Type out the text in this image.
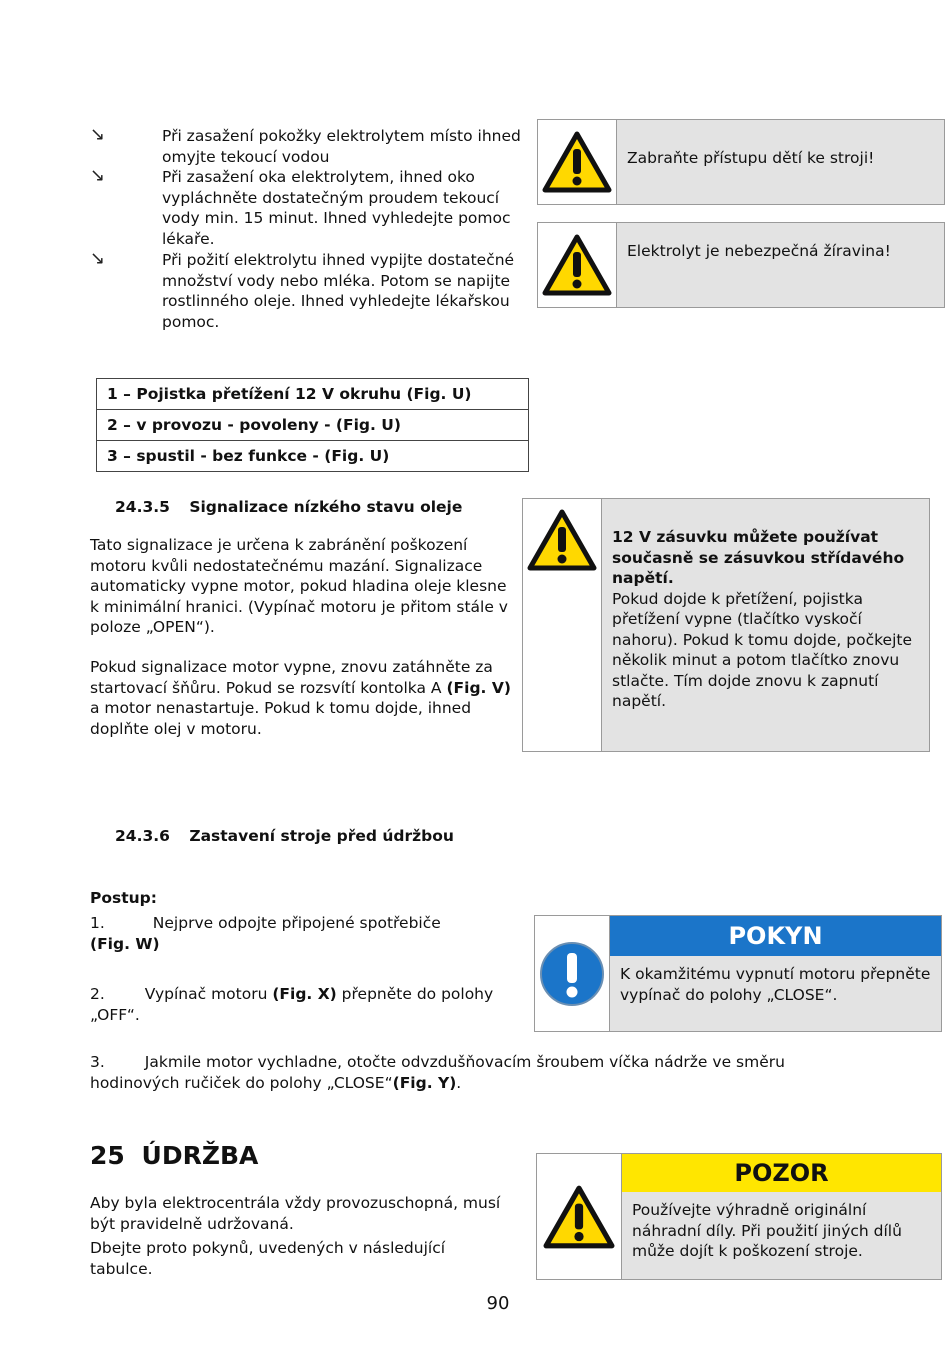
↘	Při zasažení pokožky elektrolytem místo ihned omyjte tekoucí vodou
↘	Při zasažení oka elektrolytem, ihned oko vypláchněte dostatečným proudem tekoucí vody min. 15 minut. Ihned vyhledejte pomoc lékaře.
↘	Při požití elektrolytu ihned vypijte dostatečné množství vody nebo mléka. Potom se napijte rostlinného oleje. Ihned vyhledejte lékařskou pomoc.
Zabraňte přístupu dětí ke stroji!
Elektrolyt je nebezpečná žíravina!
1 – Pojistka přetížení 12 V okruhu (Fig. U)
2 – v provozu - povoleny - (Fig. U)
3 – spustil - bez funkce - (Fig. U)
24.3.5 Signalizace nízkého stavu oleje
Tato signalizace je určena k zabránění poškození motoru kvůli nedostatečnému mazání. Signalizace automaticky vypne motor, pokud hladina oleje klesne k minimální hranici. (Vypínač motoru je přitom stále v poloze „OPEN“).
Pokud signalizace motor vypne, znovu zatáhněte za startovací šňůru. Pokud se rozsvítí kontolka A (Fig. V) a motor nenastartuje. Pokud k tomu dojde, ihned doplňte olej v motoru.
12 V zásuvku můžete používat současně se zásuvkou střídavého napětí.
Pokud dojde k přetížení, pojistka přetížení vypne (tlačítko vyskočí nahoru). Pokud k tomu dojde, počkejte několik minut a potom tlačítko znovu stlačte. Tím dojde znovu k zapnutí napětí.
24.3.6 Zastavení stroje před údržbou
Postup:
1.	Nejprve odpojte připojené spotřebiče
(Fig. W)
2.	Vypínač motoru (Fig. X) přepněte do polohy „OFF“.
3.	Jakmile motor vychladne, otočte odvzdušňovacím šroubem víčka nádrže ve směru hodinových ručiček do polohy „CLOSE“(Fig. Y).
POKYN
K okamžitému vypnutí motoru přepněte vypínač do polohy „CLOSE“.
25 ÚDRŽBA
Aby byla elektrocentrála vždy provozuschopná, musí být pravidelně udržovaná.
Dbejte proto pokynů, uvedených v následující tabulce.
POZOR
Používejte výhradně originální náhradní díly. Při použití jiných dílů může dojít k poškození stroje.
90
